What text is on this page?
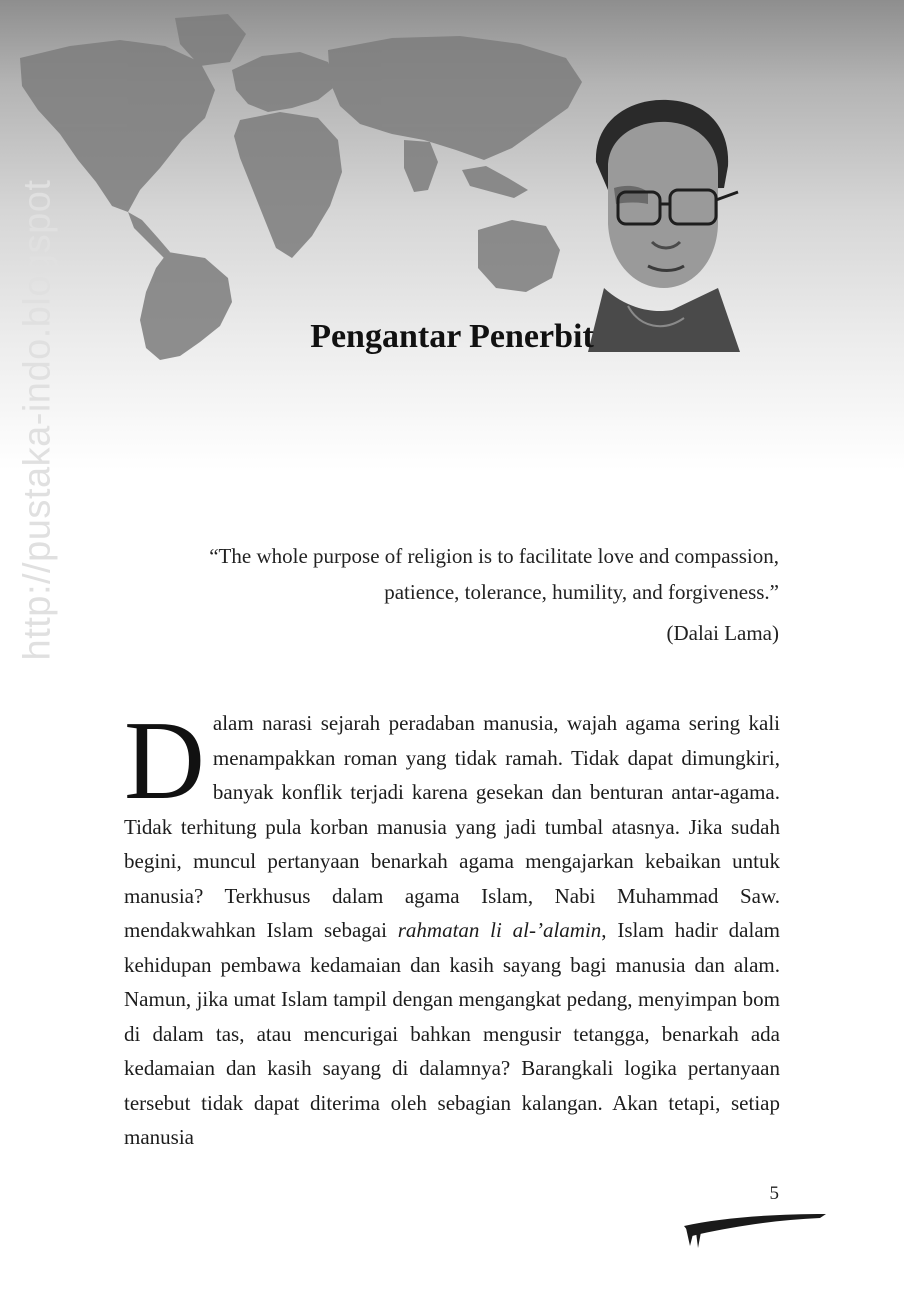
http://pustaka-indo.blogspot	Pengantar Penerbit
“The whole purpose of religion is to facilitate love and compassion, patience, tolerance, humility, and forgiveness.”
(Dalai Lama)
Dalam narasi sejarah peradaban manusia, wajah agama sering kali menampakkan roman yang tidak ramah. Tidak dapat dimungkiri, banyak konflik terjadi karena gesekan dan benturan antar-agama. Tidak terhitung pula korban manusia yang jadi tumbal atasnya. Jika sudah begini, muncul pertanyaan benarkah agama mengajarkan kebaikan untuk manusia? Terkhusus dalam agama Islam, Nabi Muhammad Saw. mendakwahkan Islam sebagai rahmatan li al-’alamin, Islam hadir dalam kehidupan pembawa kedamaian dan kasih sayang bagi manusia dan alam. Namun, jika umat Islam tampil dengan mengangkat pedang, menyimpan bom di dalam tas, atau mencurigai bahkan mengusir tetangga, benarkah ada kedamaian dan kasih sayang di dalamnya? Barangkali logika pertanyaan tersebut tidak dapat diterima oleh sebagian kalangan. Akan tetapi, setiap manusia
5
